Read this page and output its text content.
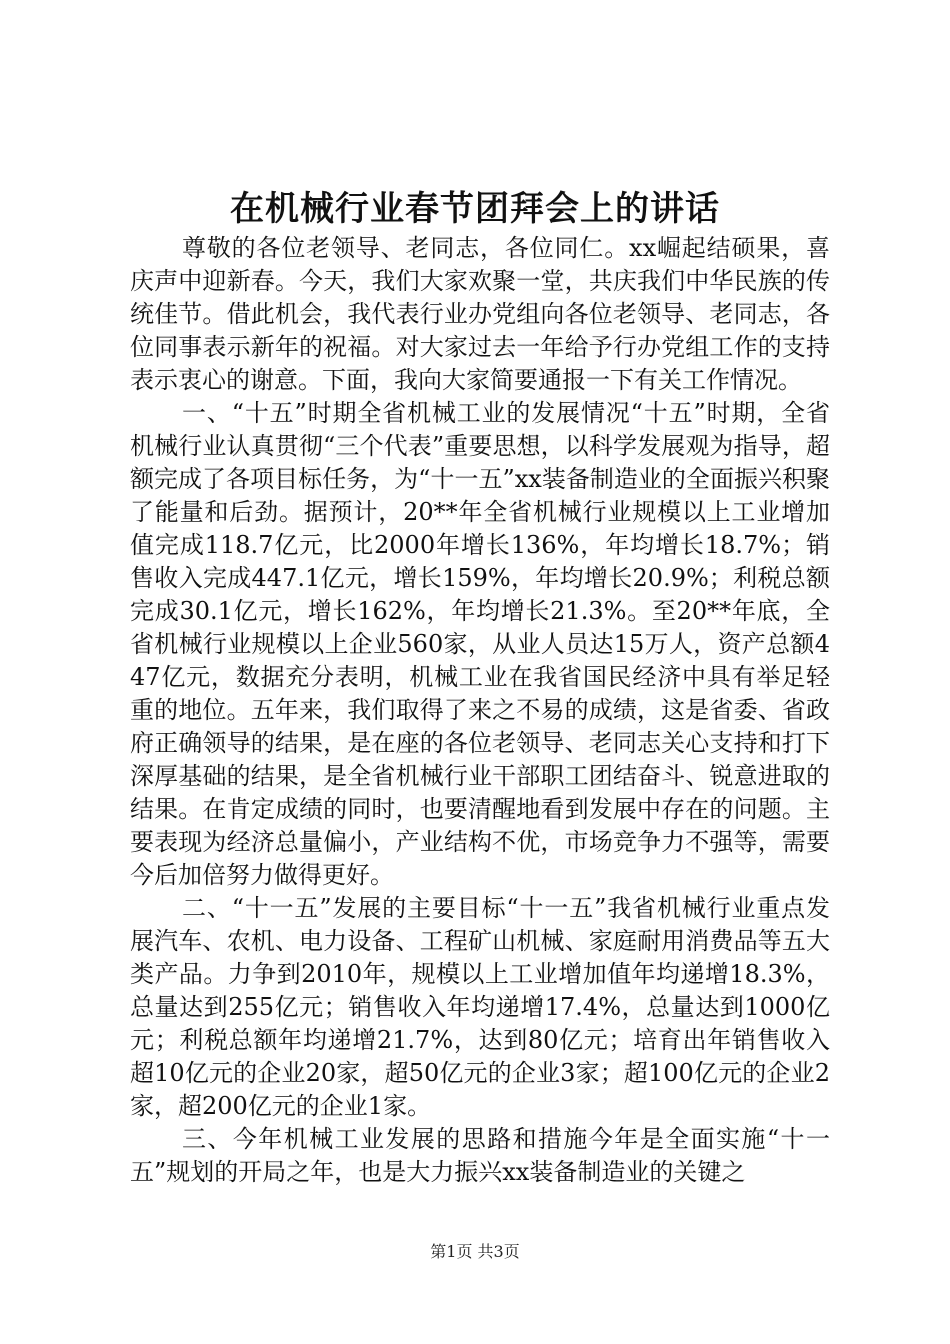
在机械行业春节团拜会上的讲话

尊敬的各位老领导、老同志，各位同仁。xx崛起结硕果，喜庆声中迎新春。今天，我们大家欢聚一堂，共庆我们中华民族的传统佳节。借此机会，我代表行业办党组向各位老领导、老同志，各位同事表示新年的祝福。对大家过去一年给予行办党组工作的支持表示衷心的谢意。下面，我向大家简要通报一下有关工作情况。

一、“十五”时期全省机械工业的发展情况“十五”时期，全省机械行业认真贯彻“三个代表”重要思想，以科学发展观为指导，超额完成了各项目标任务，为“十一五”xx装备制造业的全面振兴积聚了能量和后劲。据预计，20**年全省机械行业规模以上工业增加值完成118.7亿元，比2000年增长136%，年均增长18.7%；销售收入完成447.1亿元，增长159%，年均增长20.9%；利税总额完成30.1亿元，增长162%，年均增长21.3%。至20**年底，全省机械行业规模以上企业560家，从业人员达15万人，资产总额447亿元，数据充分表明，机械工业在我省国民经济中具有举足轻重的地位。五年来，我们取得了来之不易的成绩，这是省委、省政府正确领导的结果，是在座的各位老领导、老同志关心支持和打下深厚基础的结果，是全省机械行业干部职工团结奋斗、锐意进取的结果。在肯定成绩的同时，也要清醒地看到发展中存在的问题。主要表现为经济总量偏小，产业结构不优，市场竞争力不强等，需要今后加倍努力做得更好。

二、“十一五”发展的主要目标“十一五”我省机械行业重点发展汽车、农机、电力设备、工程矿山机械、家庭耐用消费品等五大类产品。力争到2010年，规模以上工业增加值年均递增18.3%，总量达到255亿元；销售收入年均递增17.4%，总量达到1000亿元；利税总额年均递增21.7%，达到80亿元；培育出年销售收入超10亿元的企业20家，超50亿元的企业3家；超100亿元的企业2家，超200亿元的企业1家。

三、今年机械工业发展的思路和措施今年是全面实施“十一五”规划的开局之年，也是大力振兴xx装备制造业的关键之

第1页 共3页
